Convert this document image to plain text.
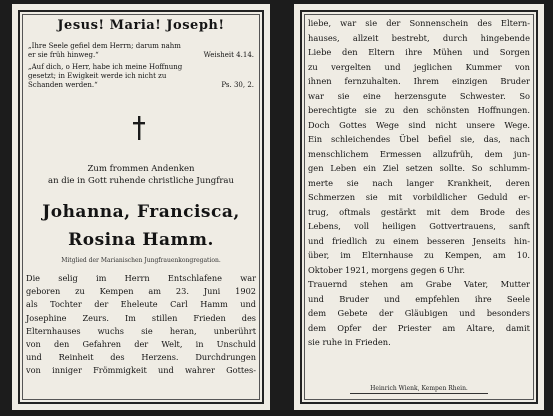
Jesus! Maria! Joseph!
„Ihre Seele gefiel dem Herrn; darum nahm
er sie früh hinweg.“	Weisheit 4.14.
„Auf dich, o Herr, habe ich meine Hoffnung
gesetzt; in Ewigkeit werde ich nicht zu
Schanden werden.“	Ps. 30, 2.
Zum frommen Andenken
an die in Gott ruhende christliche Jungfrau
Johanna, Francisca,
Rosina Hamm.
Mitglied der Marianischen Jungfrauenkongregation.
Die selig im Herrn Entschlafene war
geboren zu Kempen am 23. Juni 1902
als Tochter der Eheleute Carl Hamm und
Josephine Zeurs. Im stillen Frieden des
Elternhauses wuchs sie heran, unberührt
von den Gefahren der Welt, in Unschuld
und Reinheit des Herzens. Durchdrungen
von inniger Frömmigkeit und wahrer Gottes-
liebe, war sie der Sonnenschein des Eltern-
hauses, allzeit bestrebt, durch hingebende
Liebe den Eltern ihre Mühen und Sorgen
zu vergelten und jeglichen Kummer von
ihnen fernzuhalten. Ihrem einzigen Bruder
war sie eine herzensgute Schwester. So
berechtigte sie zu den schönsten Hoffnungen.
Doch Gottes Wege sind nicht unsere Wege.
Ein schleichendes Übel befiel sie, das, nach
menschlichem Ermessen allzufrüh, dem jun-
gen Leben ein Ziel setzen sollte. So schlumm-
merte sie nach langer Krankheit, deren
Schmerzen sie mit vorbildlicher Geduld er-
trug, oftmals gestärkt mit dem Brode des
Lebens, voll heiligen Gottvertrauens, sanft
und friedlich zu einem besseren Jenseits hin-
über, im Elternhause zu Kempen, am 10.
Oktober 1921, morgens gegen 6 Uhr.
Trauernd stehen am Grabe Vater, Mutter
und Bruder und empfehlen ihre Seele
dem Gebete der Gläubigen und besonders
dem Opfer der Priester am Altare, damit
sie ruhe in Frieden.
Heinrich Wienk, Kempen Rhein.
